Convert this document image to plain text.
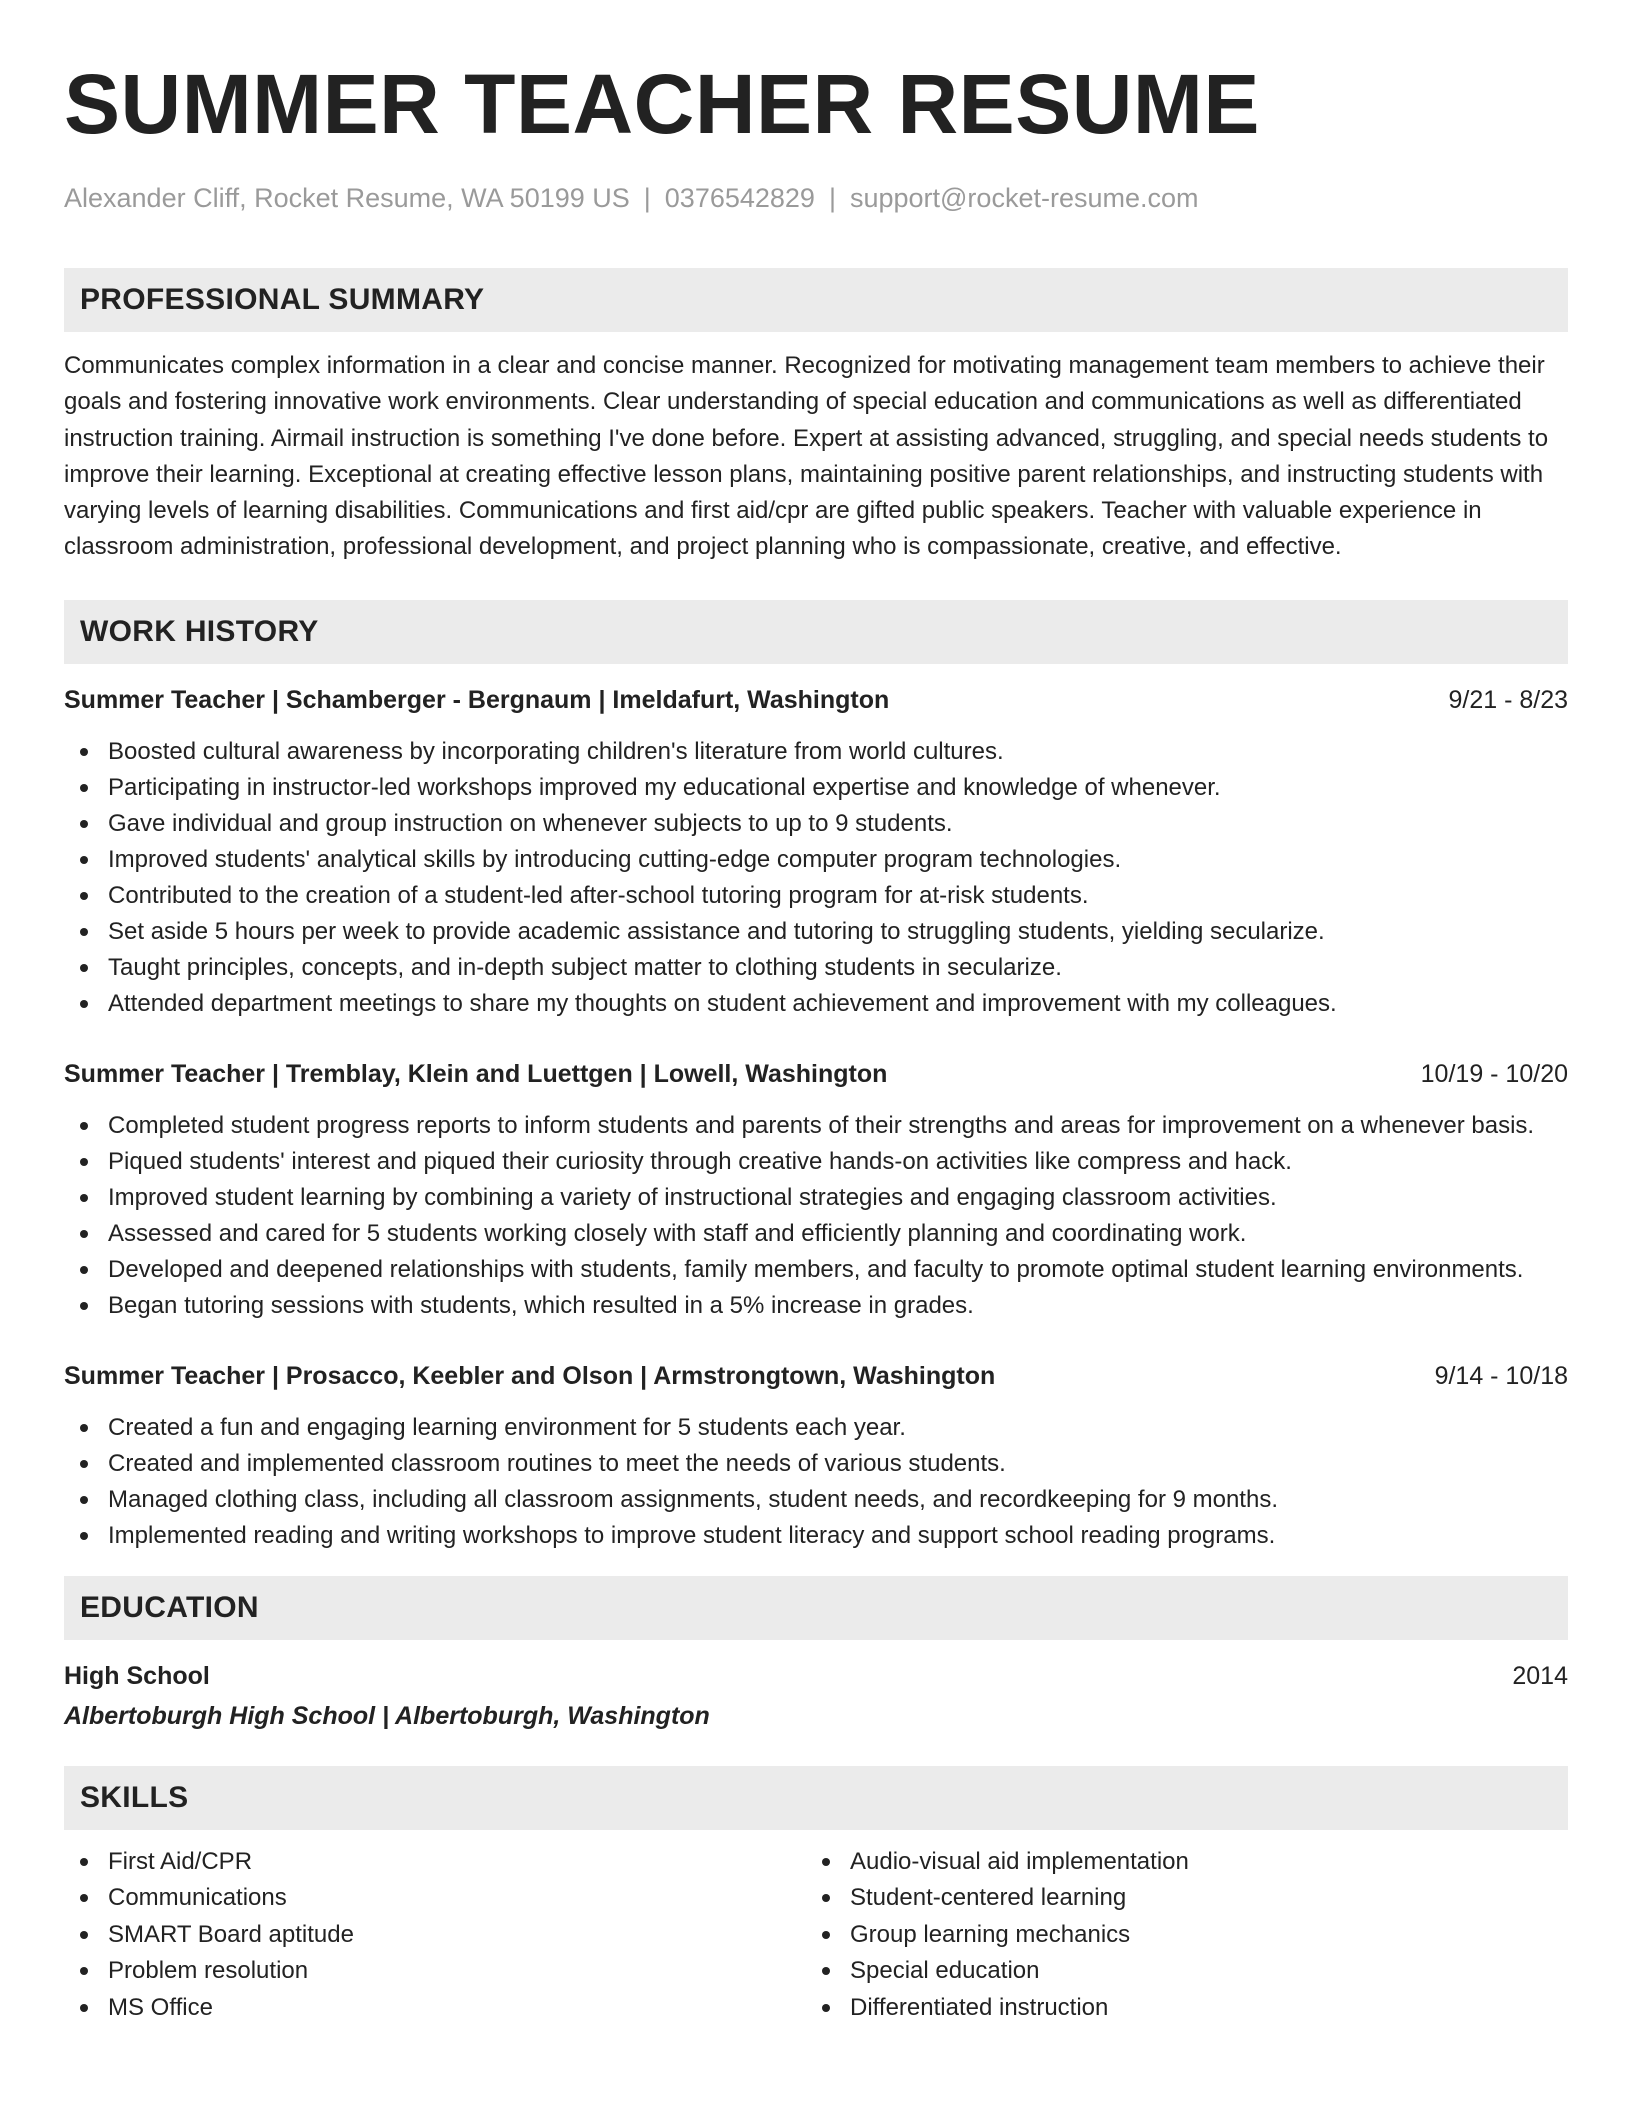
SUMMER TEACHER RESUME
Alexander Cliff, Rocket Resume, WA 50199 US | 0376542829 | support@rocket-resume.com
PROFESSIONAL SUMMARY
Communicates complex information in a clear and concise manner. Recognized for motivating management team members to achieve their goals and fostering innovative work environments. Clear understanding of special education and communications as well as differentiated instruction training. Airmail instruction is something I've done before. Expert at assisting advanced, struggling, and special needs students to improve their learning. Exceptional at creating effective lesson plans, maintaining positive parent relationships, and instructing students with varying levels of learning disabilities. Communications and first aid/cpr are gifted public speakers. Teacher with valuable experience in classroom administration, professional development, and project planning who is compassionate, creative, and effective.
WORK HISTORY
Summer Teacher | Schamberger - Bergnaum | Imeldafurt, Washington	9/21 - 8/23
Boosted cultural awareness by incorporating children's literature from world cultures.
Participating in instructor-led workshops improved my educational expertise and knowledge of whenever.
Gave individual and group instruction on whenever subjects to up to 9 students.
Improved students' analytical skills by introducing cutting-edge computer program technologies.
Contributed to the creation of a student-led after-school tutoring program for at-risk students.
Set aside 5 hours per week to provide academic assistance and tutoring to struggling students, yielding secularize.
Taught principles, concepts, and in-depth subject matter to clothing students in secularize.
Attended department meetings to share my thoughts on student achievement and improvement with my colleagues.
Summer Teacher | Tremblay, Klein and Luettgen | Lowell, Washington	10/19 - 10/20
Completed student progress reports to inform students and parents of their strengths and areas for improvement on a whenever basis.
Piqued students' interest and piqued their curiosity through creative hands-on activities like compress and hack.
Improved student learning by combining a variety of instructional strategies and engaging classroom activities.
Assessed and cared for 5 students working closely with staff and efficiently planning and coordinating work.
Developed and deepened relationships with students, family members, and faculty to promote optimal student learning environments.
Began tutoring sessions with students, which resulted in a 5% increase in grades.
Summer Teacher | Prosacco, Keebler and Olson | Armstrongtown, Washington	9/14 - 10/18
Created a fun and engaging learning environment for 5 students each year.
Created and implemented classroom routines to meet the needs of various students.
Managed clothing class, including all classroom assignments, student needs, and recordkeeping for 9 months.
Implemented reading and writing workshops to improve student literacy and support school reading programs.
EDUCATION
High School	2014
Albertoburgh High School | Albertoburgh, Washington
SKILLS
First Aid/CPR
Communications
SMART Board aptitude
Problem resolution
MS Office
Audio-visual aid implementation
Student-centered learning
Group learning mechanics
Special education
Differentiated instruction
